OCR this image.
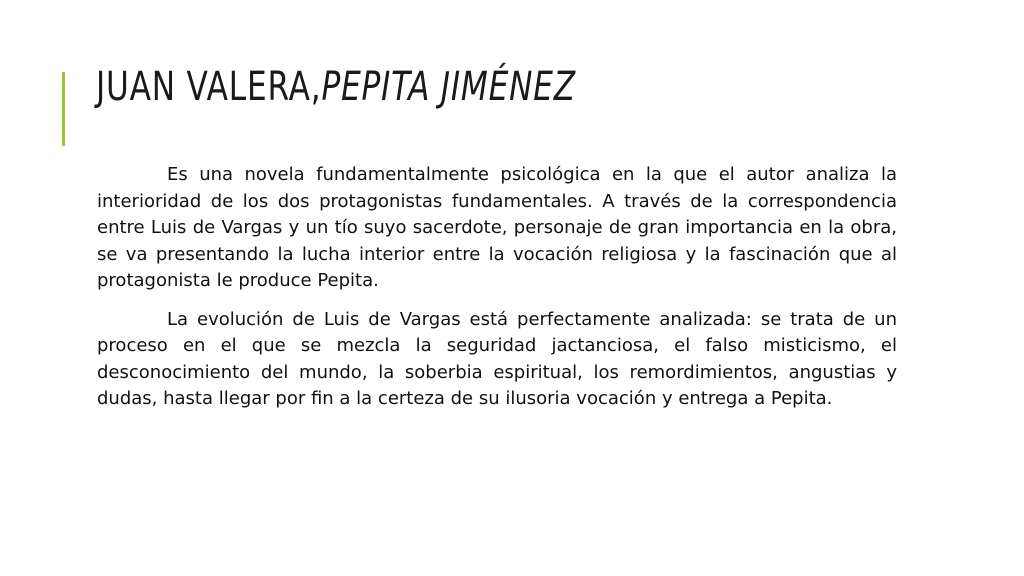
JUAN VALERA,PEPITA JIMÉNEZ

Es una novela fundamentalmente psicológica en la que el autor analiza la interioridad de los dos protagonistas fundamentales. A través de la correspondencia entre Luis de Vargas y un tío suyo sacerdote, personaje de gran importancia en la obra, se va presentando la lucha interior entre la vocación religiosa y la fascinación que al protagonista le produce Pepita.

La evolución de Luis de Vargas está perfectamente analizada: se trata de un proceso en el que se mezcla la seguridad jactanciosa, el falso misticismo, el desconocimiento del mundo, la soberbia espiritual, los remordimientos, angustias y dudas, hasta llegar por fin a la certeza de su ilusoria vocación y entrega a Pepita.
